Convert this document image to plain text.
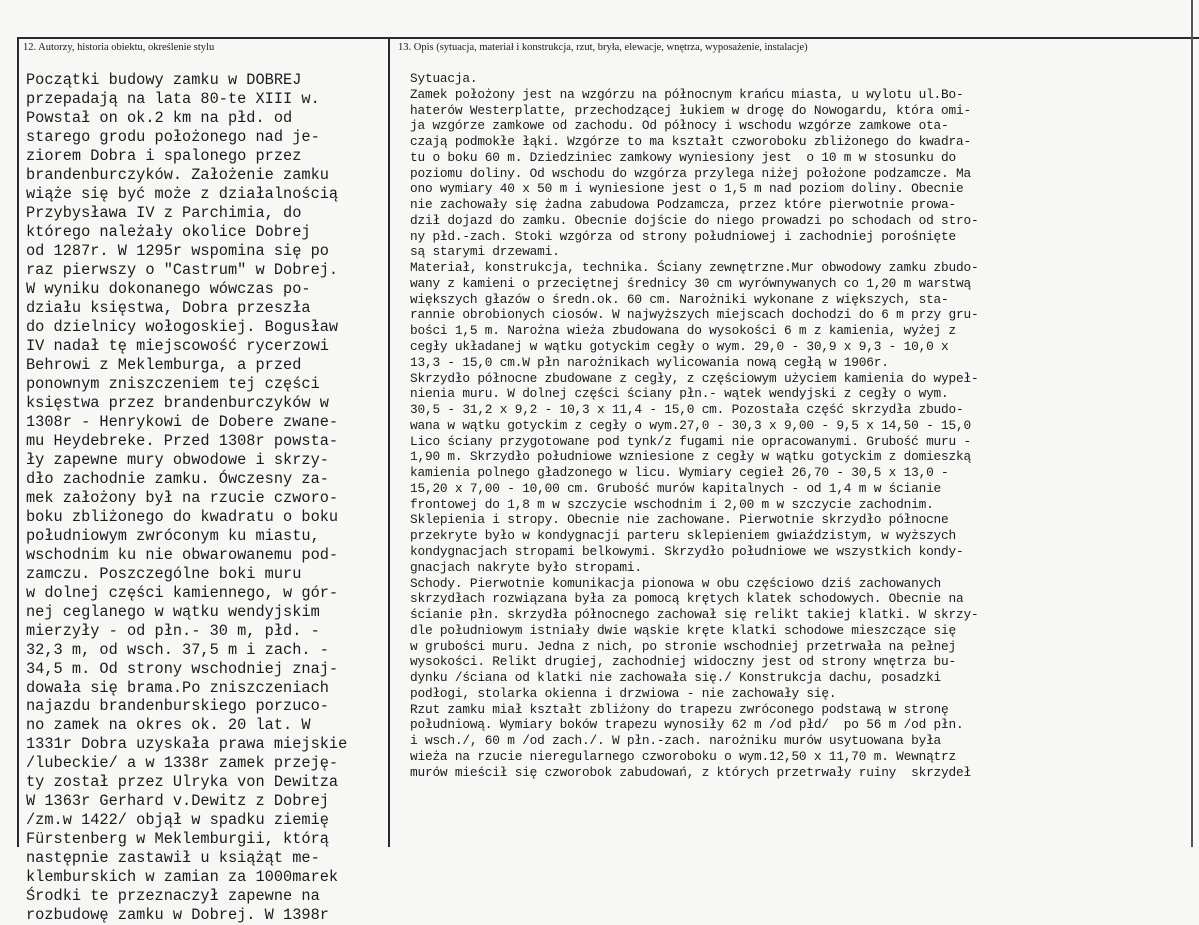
12. Autorzy, historia obiektu, określenie stylu	13. Opis (sytuacja, materiał i konstrukcja, rzut, bryła, elewacje, wnętrza, wyposażenie, instalacje)
Początki budowy zamku w DOBREJ
przepadają na lata 80-te XIII w.
Powstał on ok.2 km na płd. od
starego grodu położonego nad je-
ziorem Dobra i spalonego przez
brandenburczyków. Założenie zamku
wiąże się być może z działalnością
Przybysława IV z Parchimia, do
którego należały okolice Dobrej
od 1287r. W 1295r wspomina się po
raz pierwszy o "Castrum" w Dobrej.
W wyniku dokonanego wówczas po-
działu księstwa, Dobra przeszła
do dzielnicy wołogoskiej. Bogusław
IV nadał tę miejscowość rycerzowi
Behrowi z Meklemburga, a przed
ponownym zniszczeniem tej części
księstwa przez brandenburczyków w
1308r - Henrykowi de Dobere zwane-
mu Heydebreke. Przed 1308r powsta-
ły zapewne mury obwodowe i skrzy-
dło zachodnie zamku. Ówczesny za-
mek założony był na rzucie czworo-
boku zbliżonego do kwadratu o boku
południowym zwróconym ku miastu,
wschodnim ku nie obwarowanemu pod-
zamczu. Poszczególne boki muru
w dolnej części kamiennego, w gór-
nej ceglanego w wątku wendyjskim
mierzyły - od płn.- 30 m, płd. -
32,3 m, od wsch. 37,5 m i zach. -
34,5 m. Od strony wschodniej znaj-
dowała się brama.Po zniszczeniach
najazdu brandenburskiego porzuco-
no zamek na okres ok. 20 lat. W
1331r Dobra uzyskała prawa miejskie
/lubeckie/ a w 1338r zamek przeję-
ty został przez Ulryka von Dewitza
W 1363r Gerhard v.Dewitz z Dobrej
/zm.w 1422/ objął w spadku ziemię
Fürstenberg w Meklemburgii, którą
następnie zastawił u książąt me-
klemburskich w zamian za 1000marek
Środki te przeznaczył zapewne na
rozbudowę zamku w Dobrej. W 1398r
Sytuacja.
Zamek położony jest na wzgórzu na północnym krańcu miasta, u wylotu ul.Bo-
haterów Westerplatte, przechodzącej łukiem w drogę do Nowogardu, która omi-
ja wzgórze zamkowe od zachodu. Od północy i wschodu wzgórze zamkowe ota-
czają podmokłe łąki. Wzgórze to ma kształt czworoboku zbliżonego do kwadra-
tu o boku 60 m. Dziedziniec zamkowy wyniesiony jest  o 10 m w stosunku do
poziomu doliny. Od wschodu do wzgórza przylega niżej położone podzamcze. Ma
ono wymiary 40 x 50 m i wyniesione jest o 1,5 m nad poziom doliny. Obecnie
nie zachowały się żadna zabudowa Podzamcza, przez które pierwotnie prowa-
dził dojazd do zamku. Obecnie dojście do niego prowadzi po schodach od stro-
ny płd.-zach. Stoki wzgórza od strony południowej i zachodniej porośnięte
są starymi drzewami.
Materiał, konstrukcja, technika. Ściany zewnętrzne.Mur obwodowy zamku zbudo-
wany z kamieni o przeciętnej średnicy 30 cm wyrównywanych co 1,20 m warstwą
większych głazów o średn.ok. 60 cm. Narożniki wykonane z większych, sta-
rannie obrobionych ciosów. W najwyższych miejscach dochodzi do 6 m przy gru-
bości 1,5 m. Narożna wieża zbudowana do wysokości 6 m z kamienia, wyżej z
cegły układanej w wątku gotyckim cegły o wym. 29,0 - 30,9 x 9,3 - 10,0 x
13,3 - 15,0 cm.W płn narożnikach wylicowania nową cegłą w 1906r.
Skrzydło północne zbudowane z cegły, z częściowym użyciem kamienia do wypeł-
nienia muru. W dolnej części ściany płn.- wątek wendyjski z cegły o wym.
30,5 - 31,2 x 9,2 - 10,3 x 11,4 - 15,0 cm. Pozostała część skrzydła zbudo-
wana w wątku gotyckim z cegły o wym.27,0 - 30,3 x 9,00 - 9,5 x 14,50 - 15,0
Lico ściany przygotowane pod tynk/z fugami nie opracowanymi. Grubość muru -
1,90 m. Skrzydło południowe wzniesione z cegły w wątku gotyckim z domieszką
kamienia polnego gładzonego w licu. Wymiary cegieł 26,70 - 30,5 x 13,0 -
15,20 x 7,00 - 10,00 cm. Grubość murów kapitalnych - od 1,4 m w ścianie
frontowej do 1,8 m w szczycie wschodnim i 2,00 m w szczycie zachodnim.
Sklepienia i stropy. Obecnie nie zachowane. Pierwotnie skrzydło północne
przekryte było w kondygnacji parteru sklepieniem gwiaździstym, w wyższych
kondygnacjach stropami belkowymi. Skrzydło południowe we wszystkich kondy-
gnacjach nakryte było stropami.
Schody. Pierwotnie komunikacja pionowa w obu częściowo dziś zachowanych
skrzydłach rozwiązana była za pomocą krętych klatek schodowych. Obecnie na
ścianie płn. skrzydła północnego zachował się relikt takiej klatki. W skrzy-
dle południowym istniały dwie wąskie kręte klatki schodowe mieszczące się
w grubości muru. Jedna z nich, po stronie wschodniej przetrwała na pełnej
wysokości. Relikt drugiej, zachodniej widoczny jest od strony wnętrza bu-
dynku /ściana od klatki nie zachowała się./ Konstrukcja dachu, posadzki
podłogi, stolarka okienna i drzwiowa - nie zachowały się.
Rzut zamku miał kształt zbliżony do trapezu zwróconego podstawą w stronę
południową. Wymiary boków trapezu wynosiły 62 m /od płd/  po 56 m /od płn.
i wsch./, 60 m /od zach./. W płn.-zach. narożniku murów usytuowana była
wieża na rzucie nieregularnego czworoboku o wym.12,50 x 11,70 m. Wewnątrz
murów mieścił się czworobok zabudowań, z których przetrwały ruiny  skrzydeł
